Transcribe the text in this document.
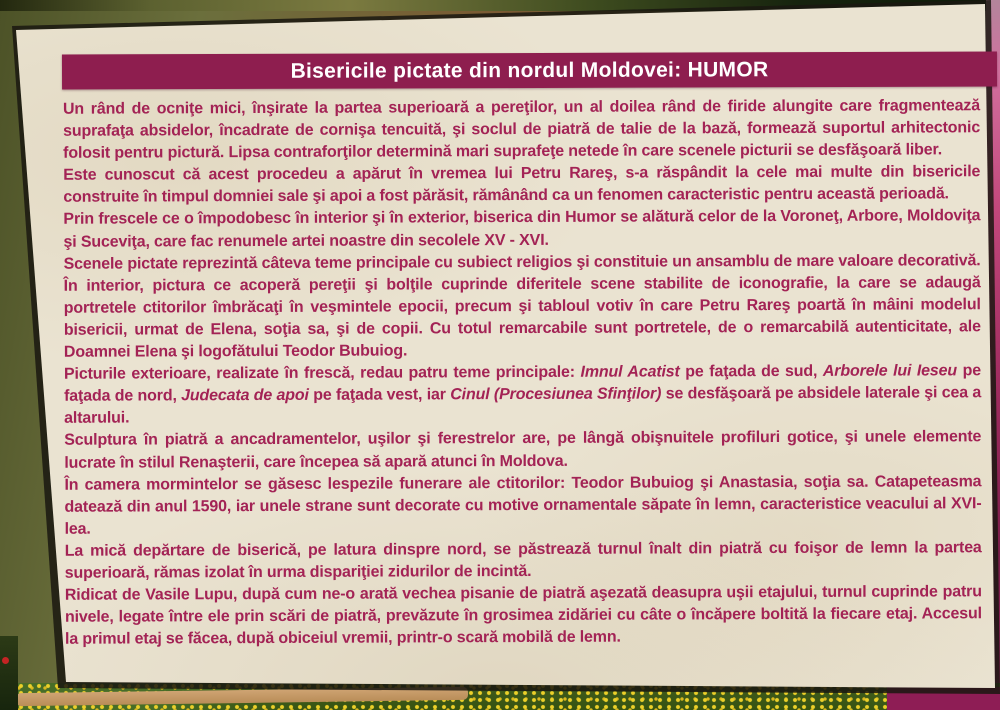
Bisericile pictate din nordul Moldovei: HUMOR

Un rând de ocniţe mici, înşirate la partea superioară a pereţilor, un al doilea rând de firide alungite care fragmentează suprafaţa absidelor, încadrate de cornişa tencuită, şi soclul de piatră de talie de la bază, formează suportul arhitectonic folosit pentru pictură. Lipsa contraforţilor determină mari suprafeţe netede în care scenele picturii se desfăşoară liber.

Este cunoscut că acest procedeu a apărut în vremea lui Petru Rareş, s-a răspândit la cele mai multe din bisericile construite în timpul domniei sale şi apoi a fost părăsit, rămânând ca un fenomen caracteristic pentru această perioadă.

Prin frescele ce o împodobesc în interior şi în exterior, biserica din Humor se alătură celor de la Voroneţ, Arbore, Moldoviţa şi Suceviţa, care fac renumele artei noastre din secolele XV - XVI.

Scenele pictate reprezintă câteva teme principale cu subiect religios şi constituie un ansamblu de mare valoare decorativă. În interior, pictura ce acoperă pereţii şi bolţile cuprinde diferitele scene stabilite de iconografie, la care se adaugă portretele ctitorilor îmbrăcaţi în veşmintele epocii, precum şi tabloul votiv în care Petru Rareş poartă în mâini modelul bisericii, urmat de Elena, soţia sa, şi de copii. Cu totul remarcabile sunt portretele, de o remarcabilă autenticitate, ale Doamnei Elena şi logofătului Teodor Bubuiog.

Picturile exterioare, realizate în frescă, redau patru teme principale: Imnul Acatist pe faţada de sud, Arborele lui Ieseu pe faţada de nord, Judecata de apoi pe faţada vest, iar Cinul (Procesiunea Sfinţilor) se desfăşoară pe absidele laterale şi cea a altarului.

Sculptura în piatră a ancadramentelor, uşilor şi ferestrelor are, pe lângă obişnuitele profiluri gotice, şi unele elemente lucrate în stilul Renaşterii, care începea să apară atunci în Moldova.

În camera mormintelor se găsesc lespezile funerare ale ctitorilor: Teodor Bubuiog şi Anastasia, soţia sa. Catapeteasma datează din anul 1590, iar unele strane sunt decorate cu motive ornamentale săpate în lemn, caracteristice veacului al XVI-lea.

La mică depărtare de biserică, pe latura dinspre nord, se păstrează turnul înalt din piatră cu foişor de lemn la partea superioară, rămas izolat în urma dispariţiei zidurilor de incintă.

Ridicat de Vasile Lupu, după cum ne-o arată vechea pisanie de piatră aşezată deasupra uşii etajului, turnul cuprinde patru nivele, legate între ele prin scări de piatră, prevăzute în grosimea zidăriei cu câte o încăpere boltită la fiecare etaj. Accesul la primul etaj se făcea, după obiceiul vremii, printr-o scară mobilă de lemn.
